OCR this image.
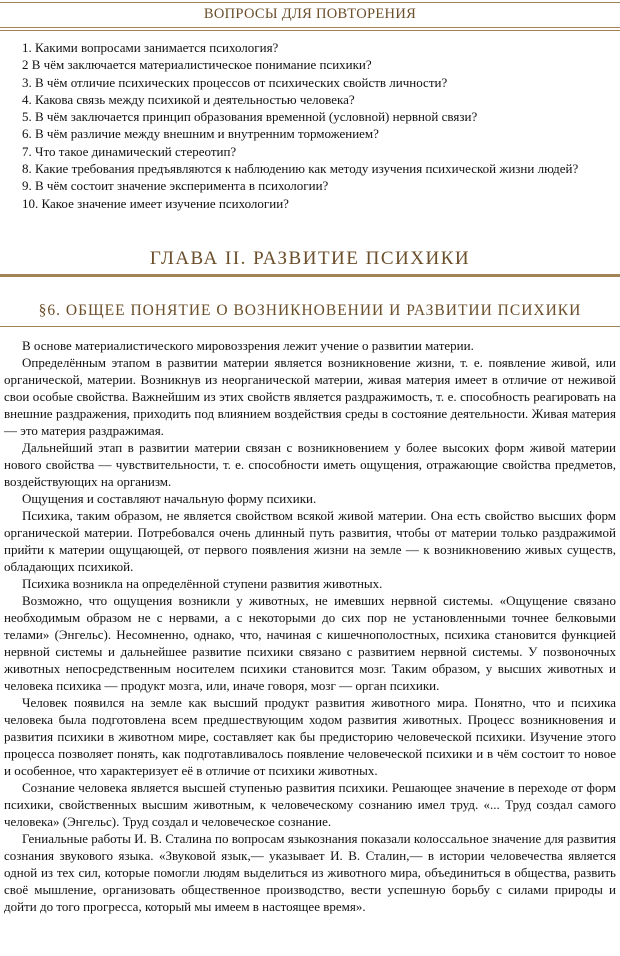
ВОПРОСЫ ДЛЯ ПОВТОРЕНИЯ
1. Какими вопросами занимается психология?
2 В чём заключается материалистическое понимание психики?
3. В чём отличие психических процессов от психических свойств личности?
4. Какова связь между психикой и деятельностью человека?
5. В чём заключается принцип образования временной (условной) нервной связи?
6. В чём различие между внешним и внутренним торможением?
7. Что такое динамический стереотип?
8. Какие требования предъявляются к наблюдению как методу изучения психической жизни людей?
9. В чём состоит значение эксперимента в психологии?
10. Какое значение имеет изучение психологии?
ГЛАВА II. РАЗВИТИЕ ПСИХИКИ
§6. ОБЩЕЕ ПОНЯТИЕ О ВОЗНИКНОВЕНИИ И РАЗВИТИИ ПСИХИКИ

В основе материалистического мировоззрения лежит учение о развитии материи.

Определённым этапом в развитии материи является возникновение жизни, т. е. появление живой, или органической, материи. Возникнув из неорганической материи, живая материя имеет в отличие от неживой свои особые свойства. Важнейшим из этих свойств является раздражимость, т. е. способность реагировать на внешние раздражения, приходить под влиянием воздействия среды в состояние деятельности. Живая материя — это материя раздражимая.

Дальнейший этап в развитии материи связан с возникновением у более высоких форм живой материи нового свойства — чувствительности, т. е. способности иметь ощущения, отражающие свойства предметов, воздействующих на организм.

Ощущения и составляют начальную форму психики.

Психика, таким образом, не является свойством всякой живой материи. Она есть свойство высших форм органической материи. Потребовался очень длинный путь развития, чтобы от материи только раздражимой прийти к материи ощущающей, от первого появления жизни на земле — к возникновению живых существ, обладающих психикой.

Психика возникла на определённой ступени развития животных.

Возможно, что ощущения возникли у животных, не имевших нервной системы. «Ощущение связано необходимым образом не с нервами, а с некоторыми до сих пор не установленными точнее белковыми телами» (Энгельс). Несомненно, однако, что, начиная с кишечнополостных, психика становится функцией нервной системы и дальнейшее развитие психики связано с развитием нервной системы. У позвоночных животных непосредственным носителем психики становится мозг. Таким образом, у высших животных и человека психика — продукт мозга, или, иначе говоря, мозг — орган психики.

Человек появился на земле как высший продукт развития животного мира. Понятно, что и психика человека была подготовлена всем предшествующим ходом развития животных. Процесс возникновения и развития психики в животном мире, составляет как бы предисторию человеческой психики. Изучение этого процесса позволяет понять, как подготавливалось появление человеческой психики и в чём состоит то новое и особенное, что характеризует её в отличие от психики животных.

Сознание человека является высшей ступенью развития психики. Решающее значение в переходе от форм психики, свойственных высшим животным, к человеческому сознанию имел труд. «... Труд создал самого человека» (Энгельс). Труд создал и человеческое сознание.

Гениальные работы И. В. Сталина по вопросам языкознания показали колоссальное значение для развития сознания звукового языка. «Звуковой язык,— указывает И. В. Сталин,— в истории человечества является одной из тех сил, которые помогли людям выделиться из животного мира, объединиться в общества, развить своё мышление, организовать общественное производство, вести успешную борьбу с силами природы и дойти до того прогресса, который мы имеем в настоящее время».
